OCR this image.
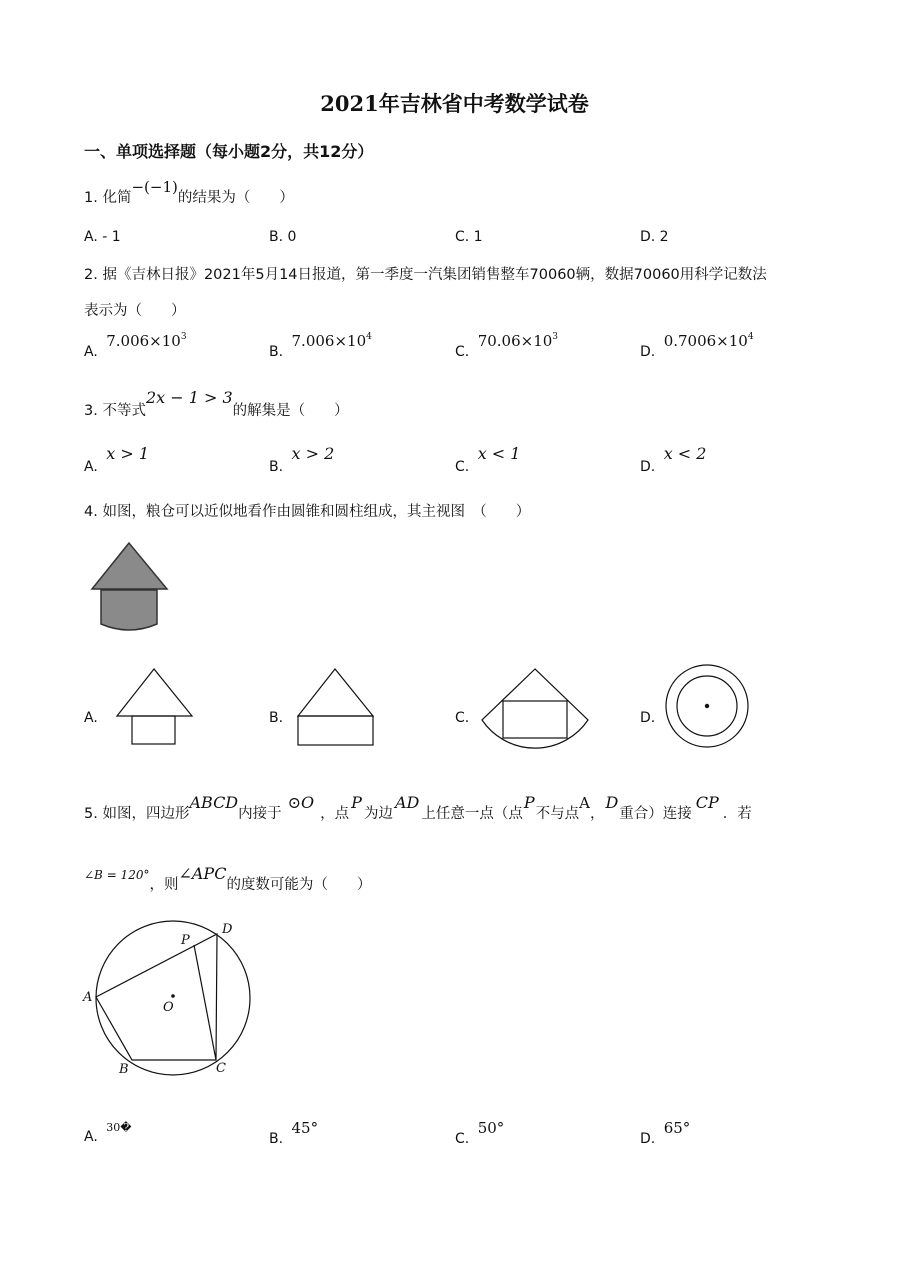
2021年吉林省中考数学试卷
一、单项选择题（每小题2分，共12分）
1. 化简−(−1)的结果为（　　）
A. - 1	B. 0	C. 1	D. 2
2. 据《吉林日报》2021年5月14日报道，第一季度一汽集团销售整车70060辆，数据70060用科学记数法
表示为（　　）
A. $7.006\times 10^3$
B. $7.006\times 10^4$
C. $70.06\times 10^3$
D. $0.7006\times 10^4$
3. 不等式2x − 1 > 3的解集是（　　）
A. x > 1
B. x > 2
C. x < 1
D. x < 2
4. 如图，粮仓可以近似地看作由圆锥和圆柱组成，其主视图　（　　）
A.	B.	C.	D.
5. 如图，四边形ABCD内接于⊙O，点P为边AD上任意一点（点P不与点A，D重合）连接CP．若
$^{\angle B = 120^\circ}$，则∠APC的度数可能为（　　）
P
D
A
O
B	C
A. $^{30�}$
B. 45°
C. 50°
D. 65°
